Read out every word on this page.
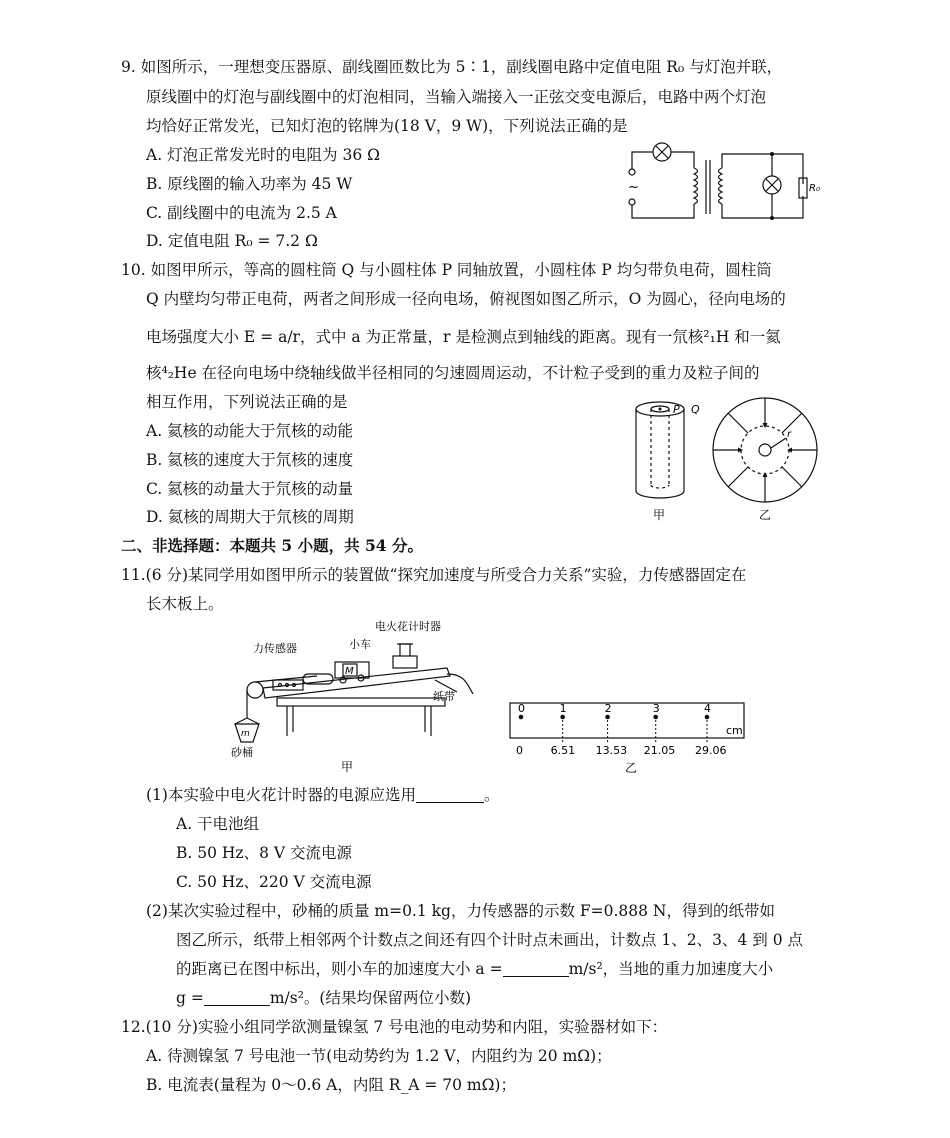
9. 如图所示，一理想变压器原、副线圈匝数比为 5∶1，副线圈电路中定值电阻 R₀ 与灯泡并联，
原线圈中的灯泡与副线圈中的灯泡相同，当输入端接入一正弦交变电源后，电路中两个灯泡
均恰好正常发光，已知灯泡的铭牌为(18 V，9 W)，下列说法正确的是
A. 灯泡正常发光时的电阻为 36 Ω
B. 原线圈的输入功率为 45 W
C. 副线圈中的电流为 2.5 A
D. 定值电阻 R₀ = 7.2 Ω
~	R₀
10. 如图甲所示，等高的圆柱筒 Q 与小圆柱体 P 同轴放置，小圆柱体 P 均匀带负电荷，圆柱筒
Q 内壁均匀带正电荷，两者之间形成一径向电场，俯视图如图乙所示，O 为圆心，径向电场的
电场强度大小 E = a/r，式中 a 为正常量，r 是检测点到轴线的距离。现有一氘核²₁H 和一氦
核⁴₂He 在径向电场中绕轴线做半径相同的匀速圆周运动，不计粒子受到的重力及粒子间的
相互作用，下列说法正确的是
A. 氦核的动能大于氘核的动能
B. 氦核的速度大于氘核的速度
C. 氦核的动量大于氘核的动量
D. 氦核的周期大于氘核的周期
P Q
r
甲	乙
二、非选择题：本题共 5 小题，共 54 分。
11.(6 分)某同学用如图甲所示的装置做“探究加速度与所受合力关系”实验，力传感器固定在
长木板上。
电火花计时器
小车
M
力传感器
纸带
m
砂桶
甲
0
0
1
6.51
2
13.53
3
21.05
4
29.06
cm
乙
(1)本实验中电火花计时器的电源应选用	。
A. 干电池组
B. 50 Hz、8 V 交流电源
C. 50 Hz、220 V 交流电源
(2)某次实验过程中，砂桶的质量 m=0.1 kg，力传感器的示数 F=0.888 N，得到的纸带如
图乙所示，纸带上相邻两个计数点之间还有四个计时点未画出，计数点 1、2、3、4 到 0 点
的距离已在图中标出，则小车的加速度大小 a =	m/s²，当地的重力加速度大小
g =	m/s²。(结果均保留两位小数)
12.(10 分)实验小组同学欲测量镍氢 7 号电池的电动势和内阻，实验器材如下：
A. 待测镍氢 7 号电池一节(电动势约为 1.2 V，内阻约为 20 mΩ)；
B. 电流表(量程为 0～0.6 A，内阻 R_A = 70 mΩ)；
